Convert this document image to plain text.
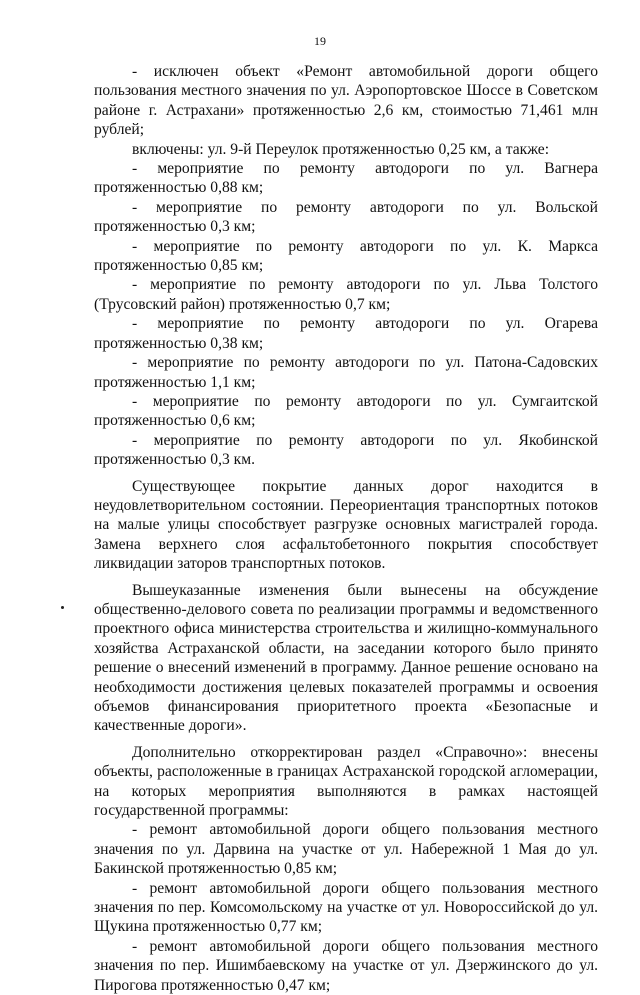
19

- исключен объект «Ремонт автомобильной дороги общего пользования местного значения по ул. Аэропортовское Шоссе в Советском районе г. Астрахани» протяженностью 2,6 км, стоимостью 71,461 млн рублей;

включены: ул. 9-й Переулок протяженностью 0,25 км, а также:

- мероприятие по ремонту автодороги по ул. Вагнера протяженностью 0,88 км;

- мероприятие по ремонту автодороги по ул. Вольской протяженностью 0,3 км;

- мероприятие по ремонту автодороги по ул. К. Маркса протяженностью 0,85 км;

- мероприятие по ремонту автодороги по ул. Льва Толстого (Трусовский район) протяженностью 0,7 км;

- мероприятие по ремонту автодороги по ул. Огарева протяженностью 0,38 км;

- мероприятие по ремонту автодороги по ул. Патона-Садовских протяженностью 1,1 км;

- мероприятие по ремонту автодороги по ул. Сумгаитской протяженностью 0,6 км;

- мероприятие по ремонту автодороги по ул. Якобинской протяженностью 0,3 км.

Существующее покрытие данных дорог находится в неудовлетворительном состоянии. Переориентация транспортных потоков на малые улицы способствует разгрузке основных магистралей города. Замена верхнего слоя асфальтобетонного покрытия способствует ликвидации заторов транспортных потоков.

Вышеуказанные изменения были вынесены на обсуждение общественно-делового совета по реализации программы и ведомственного проектного офиса министерства строительства и жилищно-коммунального хозяйства Астраханской области, на заседании которого было принято решение о внесений изменений в программу. Данное решение основано на необходимости достижения целевых показателей программы и освоения объемов финансирования приоритетного проекта «Безопасные и качественные дороги».

Дополнительно откорректирован раздел «Справочно»: внесены объекты, расположенные в границах Астраханской городской агломерации, на которых мероприятия выполняются в рамках настоящей государственной программы:

- ремонт автомобильной дороги общего пользования местного значения по ул. Дарвина на участке от ул. Набережной 1 Мая до ул. Бакинской протяженностью 0,85 км;

- ремонт автомобильной дороги общего пользования местного значения по пер. Комсомольскому на участке от ул. Новороссийской до ул. Щукина протяженностью 0,77 км;

- ремонт автомобильной дороги общего пользования местного значения по пер. Ишимбаевскому на участке от ул. Дзержинского до ул. Пирогова протяженностью 0,47 км;
